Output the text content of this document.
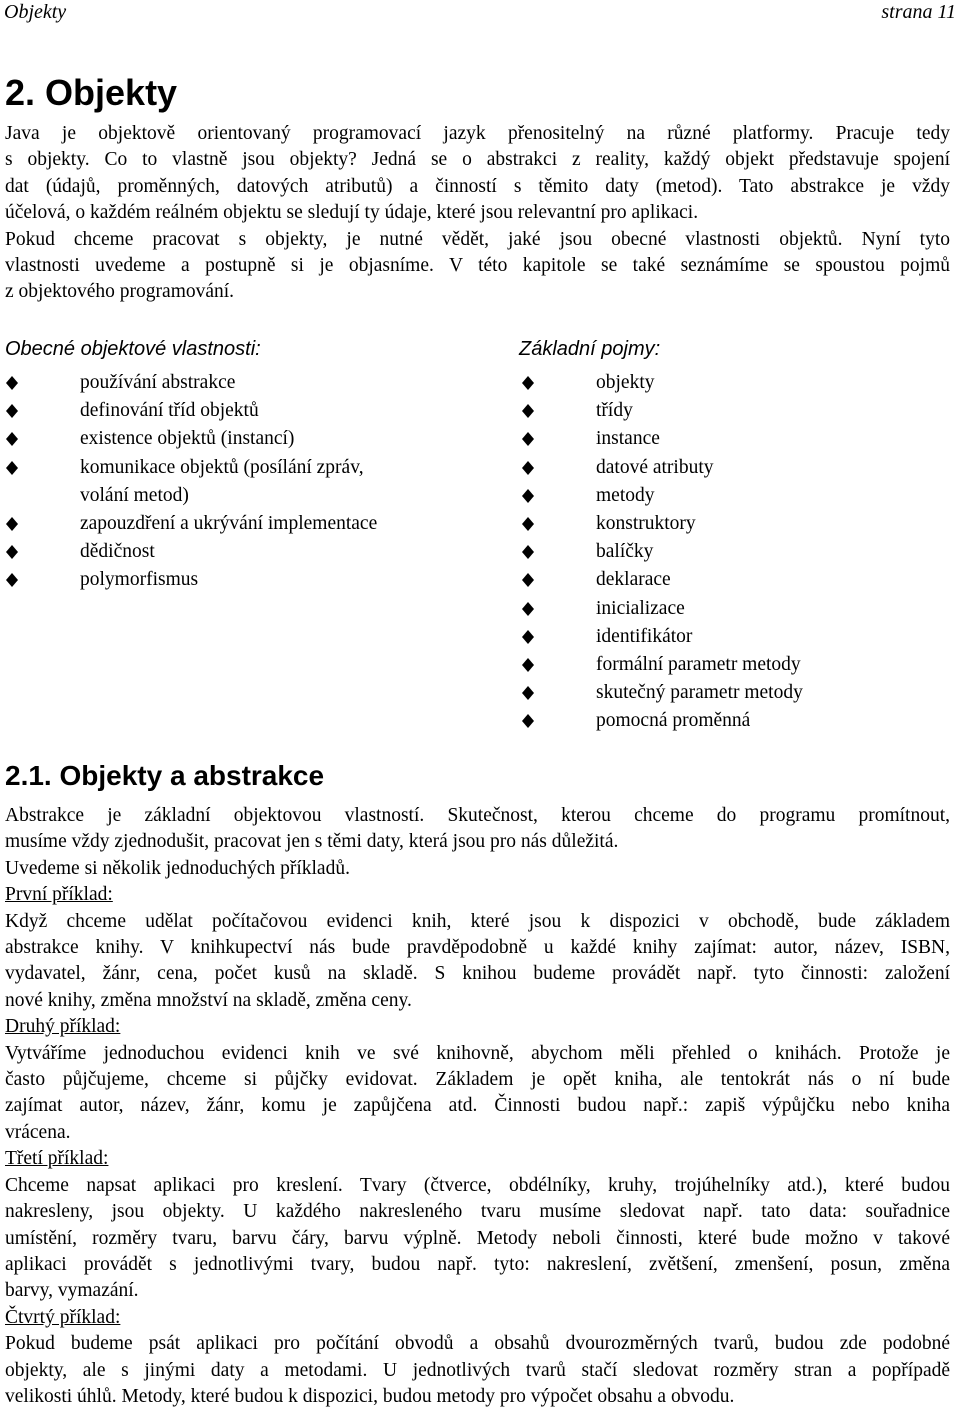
Objekty	strana 11
2. Objekty
Java je objektově orientovaný programovací jazyk přenositelný na různé platformy. Pracuje tedy
s objekty. Co to vlastně jsou objekty? Jedná se o abstrakci z reality, každý objekt představuje spojení
dat (údajů, proměnných, datových atributů) a činností s těmito daty (metod). Tato abstrakce je vždy
účelová, o každém reálném objektu se sledují ty údaje, které jsou relevantní pro aplikaci.
Pokud chceme pracovat s objekty, je nutné vědět, jaké jsou obecné vlastnosti objektů. Nyní tyto
vlastnosti uvedeme a postupně si je objasníme. V této kapitole se také seznámíme se spoustou pojmů
z objektového programování.
Obecné objektové vlastnosti:	Základní pojmy:
používání abstrakce
definování tříd objektů
existence objektů (instancí)
komunikace objektů (posílání zpráv,
volání metod)
zapouzdření a ukrývání implementace
dědičnost
polymorfismus
objekty
třídy
instance
datové atributy
metody
konstruktory
balíčky
deklarace
inicializace
identifikátor
formální parametr metody
skutečný parametr metody
pomocná proměnná
2.1. Objekty a abstrakce
Abstrakce je základní objektovou vlastností. Skutečnost, kterou chceme do programu promítnout,
musíme vždy zjednodušit, pracovat jen s těmi daty, která jsou pro nás důležitá.
Uvedeme si několik jednoduchých příkladů.
První příklad:
Když chceme udělat počítačovou evidenci knih, které jsou k dispozici v obchodě, bude základem
abstrakce knihy. V knihkupectví nás bude pravděpodobně u každé knihy zajímat: autor, název, ISBN,
vydavatel, žánr, cena, počet kusů na skladě. S knihou budeme provádět např. tyto činnosti: založení
nové knihy, změna množství na skladě, změna ceny.
Druhý příklad:
Vytváříme jednoduchou evidenci knih ve své knihovně, abychom měli přehled o knihách. Protože je
často půjčujeme, chceme si půjčky evidovat. Základem je opět kniha, ale tentokrát nás o ní bude
zajímat autor, název, žánr, komu je zapůjčena atd. Činnosti budou např.: zapiš výpůjčku nebo kniha
vrácena.
Třetí příklad:
Chceme napsat aplikaci pro kreslení. Tvary (čtverce, obdélníky, kruhy, trojúhelníky atd.), které budou
nakresleny, jsou objekty. U každého nakresleného tvaru musíme sledovat např. tato data: souřadnice
umístění, rozměry tvaru, barvu čáry, barvu výplně. Metody neboli činnosti, které bude možno v takové
aplikaci provádět s jednotlivými tvary, budou např. tyto: nakreslení, zvětšení, zmenšení, posun, změna
barvy, vymazání.
Čtvrtý příklad:
Pokud budeme psát aplikaci pro počítání obvodů a obsahů dvourozměrných tvarů, budou zde podobné
objekty, ale s jinými daty a metodami. U jednotlivých tvarů stačí sledovat rozměry stran a popřípadě
velikosti úhlů. Metody, které budou k dispozici, budou metody pro výpočet obsahu a obvodu.
